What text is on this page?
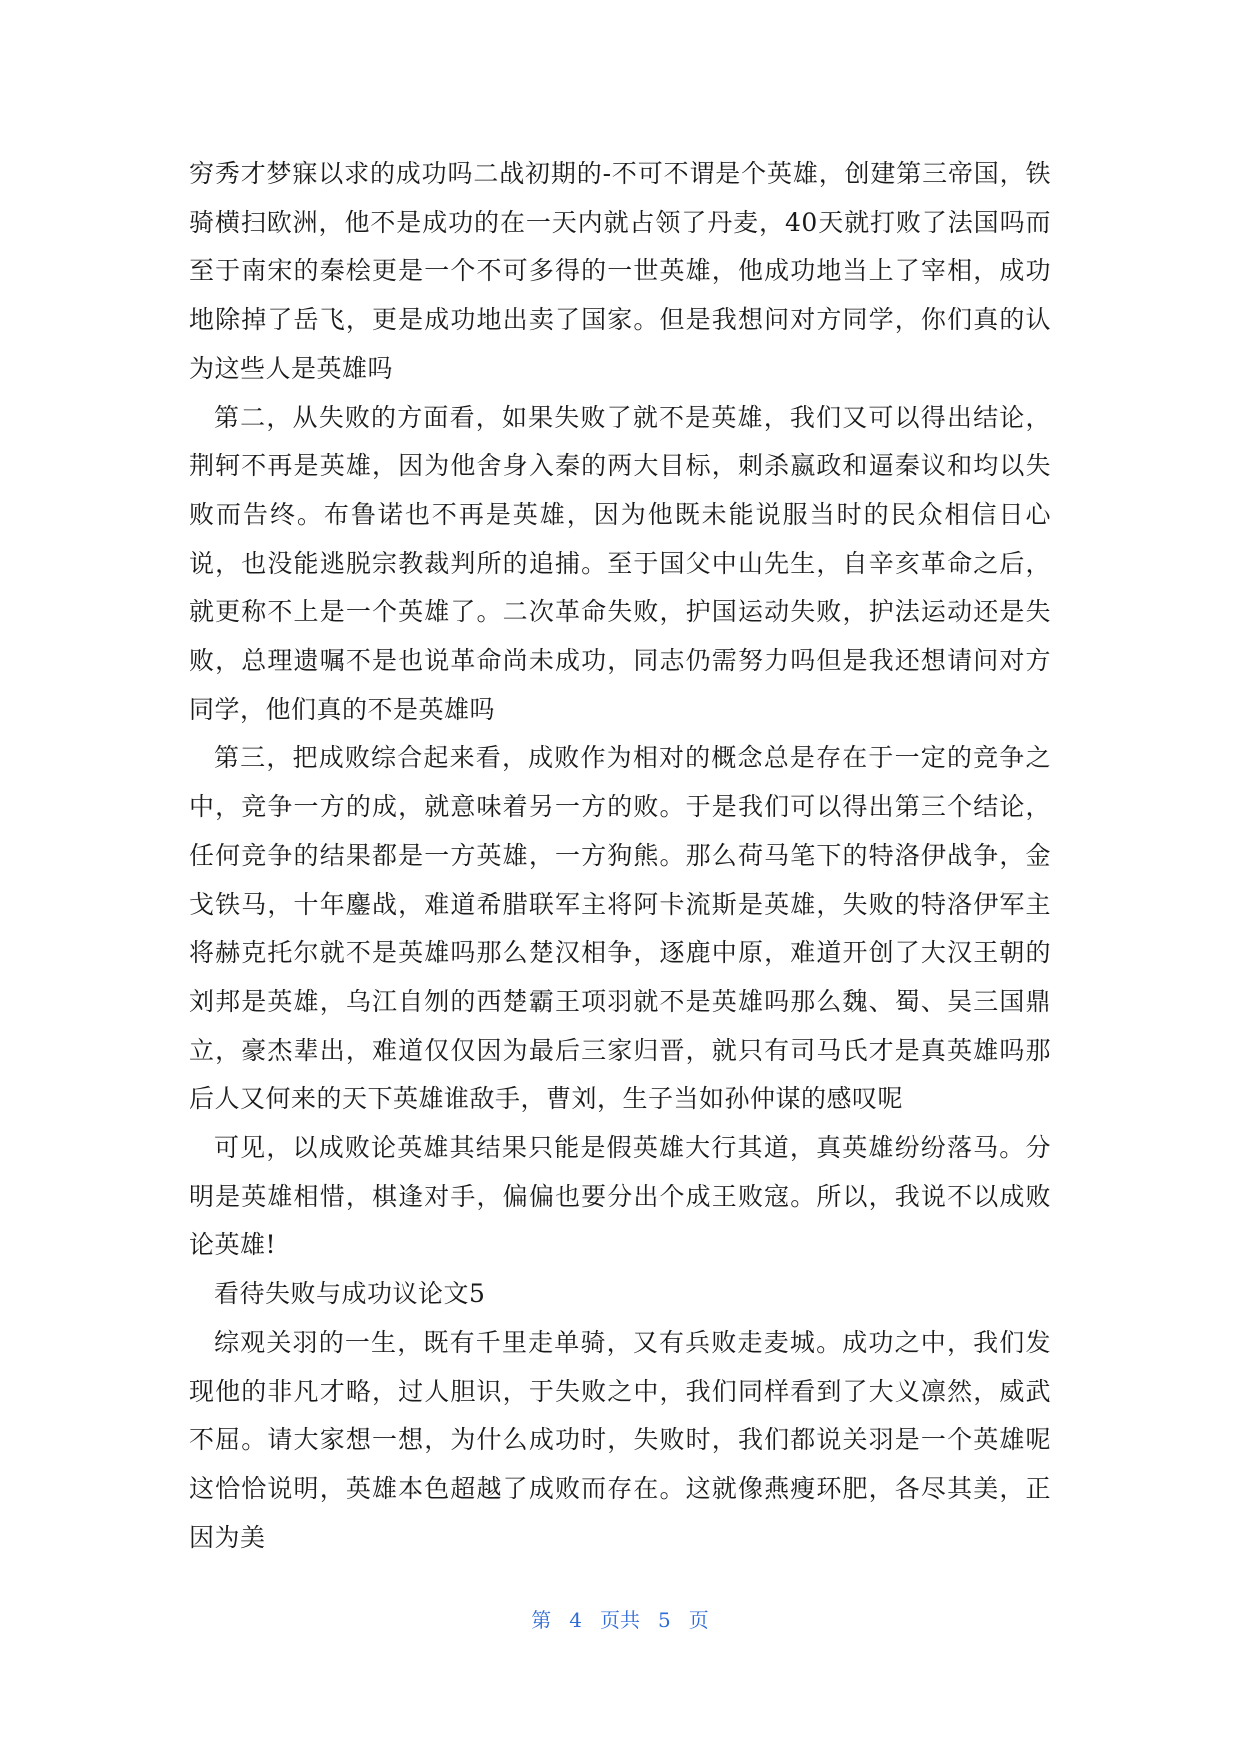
穷秀才梦寐以求的成功吗二战初期的-不可不谓是个英雄，创建第三帝国，铁骑横扫欧洲，他不是成功的在一天内就占领了丹麦，40天就打败了法国吗而至于南宋的秦桧更是一个不可多得的一世英雄，他成功地当上了宰相，成功地除掉了岳飞，更是成功地出卖了国家。但是我想问对方同学，你们真的认为这些人是英雄吗

第二，从失败的方面看，如果失败了就不是英雄，我们又可以得出结论，荆轲不再是英雄，因为他舍身入秦的两大目标，刺杀嬴政和逼秦议和均以失败而告终。布鲁诺也不再是英雄，因为他既未能说服当时的民众相信日心说，也没能逃脱宗教裁判所的追捕。至于国父中山先生，自辛亥革命之后，就更称不上是一个英雄了。二次革命失败，护国运动失败，护法运动还是失败，总理遗嘱不是也说革命尚未成功，同志仍需努力吗但是我还想请问对方同学，他们真的不是英雄吗

第三，把成败综合起来看，成败作为相对的概念总是存在于一定的竞争之中，竞争一方的成，就意味着另一方的败。于是我们可以得出第三个结论，任何竞争的结果都是一方英雄，一方狗熊。那么荷马笔下的特洛伊战争，金戈铁马，十年鏖战，难道希腊联军主将阿卡流斯是英雄，失败的特洛伊军主将赫克托尔就不是英雄吗那么楚汉相争，逐鹿中原，难道开创了大汉王朝的刘邦是英雄，乌江自刎的西楚霸王项羽就不是英雄吗那么魏、蜀、吴三国鼎立，豪杰辈出，难道仅仅因为最后三家归晋，就只有司马氏才是真英雄吗那后人又何来的天下英雄谁敌手，曹刘，生子当如孙仲谋的感叹呢

可见，以成败论英雄其结果只能是假英雄大行其道，真英雄纷纷落马。分明是英雄相惜，棋逢对手，偏偏也要分出个成王败寇。所以，我说不以成败论英雄!

看待失败与成功议论文5

综观关羽的一生，既有千里走单骑，又有兵败走麦城。成功之中，我们发现他的非凡才略，过人胆识，于失败之中，我们同样看到了大义凛然，威武不屈。请大家想一想，为什么成功时，失败时，我们都说关羽是一个英雄呢这恰恰说明，英雄本色超越了成败而存在。这就像燕瘦环肥，各尽其美，正因为美

第 4 页共 5 页
